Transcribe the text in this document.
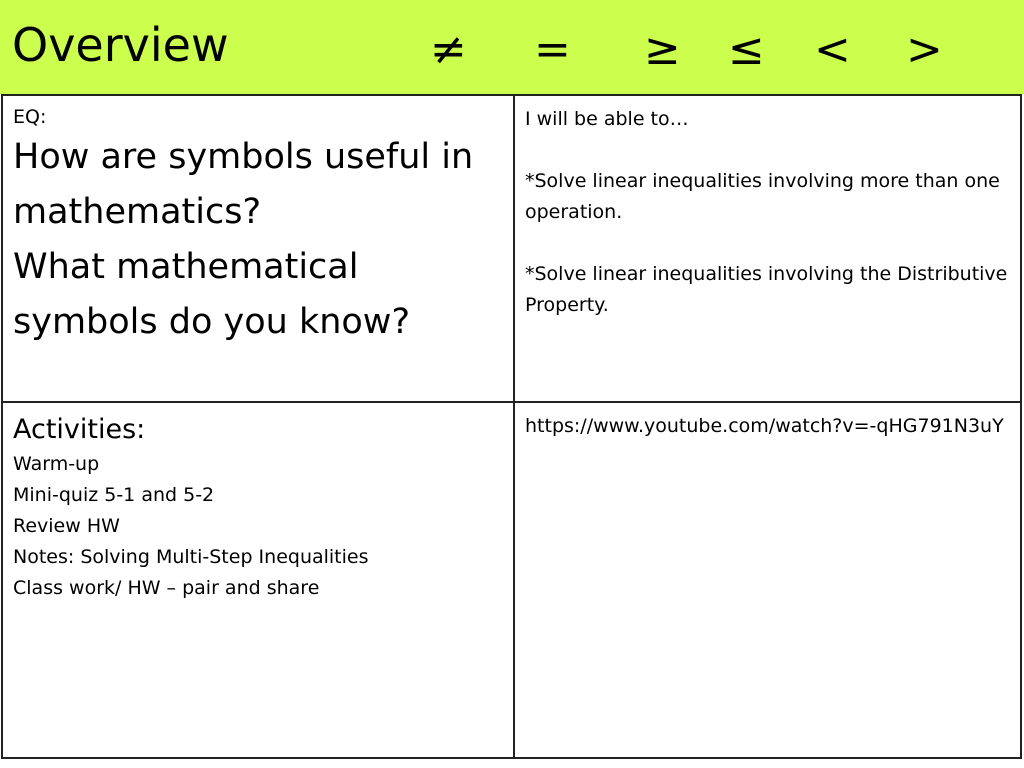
Overview	≠ = ≥ ≤ < >
EQ:
How are symbols useful in mathematics?
What mathematical symbols do you know?
I will be able to…
*Solve linear inequalities involving more than one operation.
*Solve linear inequalities involving the Distributive Property.
Activities:
Warm-up
Mini-quiz 5-1 and 5-2
Review HW
Notes: Solving Multi-Step Inequalities
Class work/ HW – pair and share
https://www.youtube.com/watch?v=-qHG791N3uY
